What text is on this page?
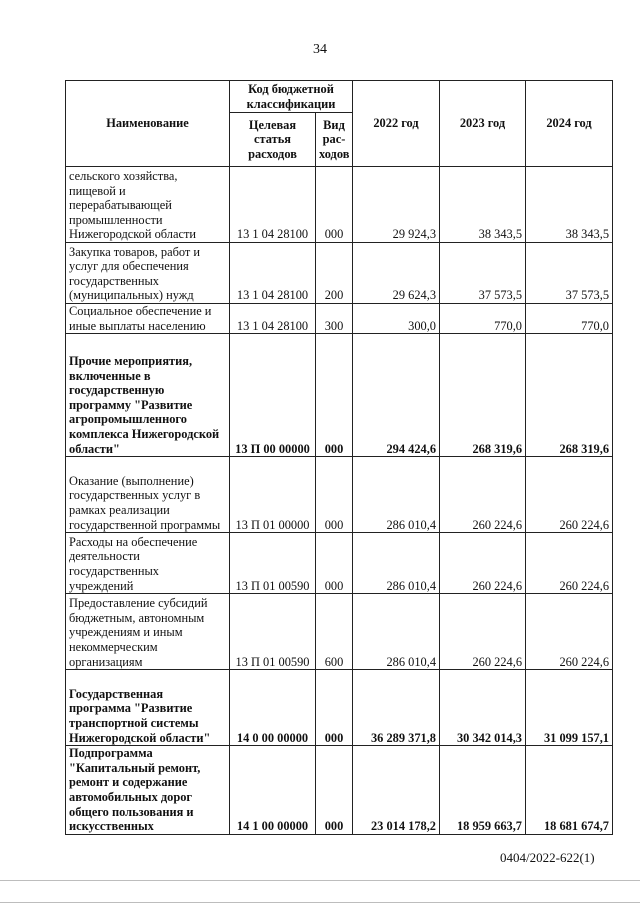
34
Наименование	Код бюджетной классификации		2022 год	2023 год	2024 год
	Целевая статья расходов	Вид рас-ходов			
сельского хозяйства, пищевой и перерабатывающей промышленности Нижегородской области	13 1 04 28100	000	29 924,3	38 343,5	38 343,5
Закупка товаров, работ и услуг для обеспечения государственных (муниципальных) нужд	13 1 04 28100	200	29 624,3	37 573,5	37 573,5
Социальное обеспечение и иные выплаты населению	13 1 04 28100	300	300,0	770,0	770,0
Прочие мероприятия, включенные в государственную программу "Развитие агропромышленного комплекса Нижегородской области"	13 П 00 00000	000	294 424,6	268 319,6	268 319,6
Оказание (выполнение) государственных услуг в рамках реализации государственной программы	13 П 01 00000	000	286 010,4	260 224,6	260 224,6
Расходы на обеспечение деятельности государственных учреждений	13 П 01 00590	000	286 010,4	260 224,6	260 224,6
Предоставление субсидий бюджетным, автономным учреждениям и иным некоммерческим организациям	13 П 01 00590	600	286 010,4	260 224,6	260 224,6
Государственная программа "Развитие транспортной системы Нижегородской области"	14 0 00 00000	000	36 289 371,8	30 342 014,3	31 099 157,1
Подпрограмма "Капитальный ремонт, ремонт и содержание автомобильных дорог общего пользования и искусственных	14 1 00 00000	000	23 014 178,2	18 959 663,7	18 681 674,7
0404/2022-622(1)
